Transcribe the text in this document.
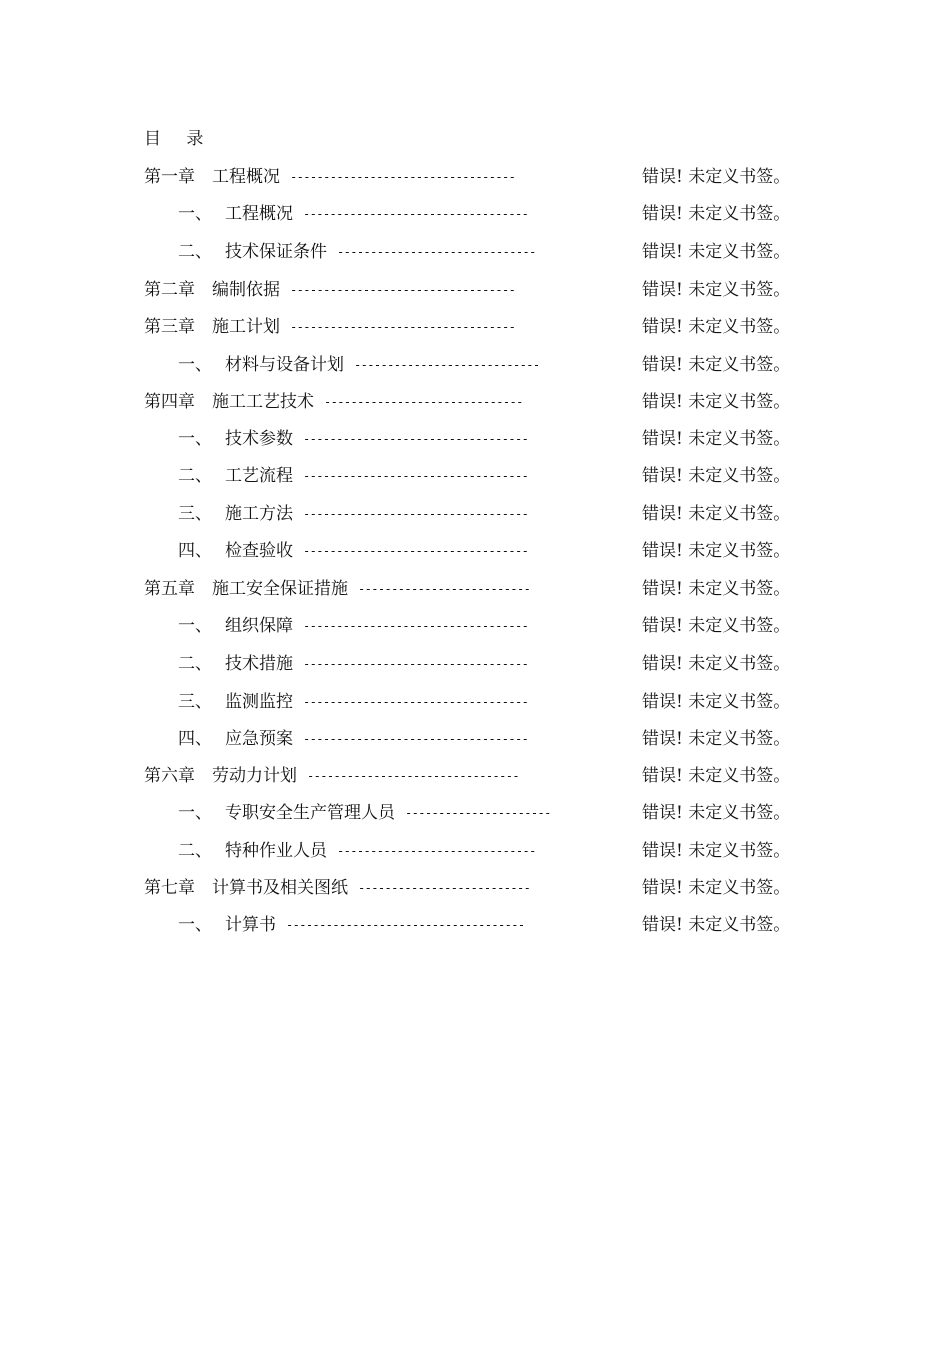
目 录
第一章 工程概况 ----------------------------------	错误! 未定义书签。
一、 工程概况 ----------------------------------	错误! 未定义书签。
二、 技术保证条件 ------------------------------	错误! 未定义书签。
第二章 编制依据 ----------------------------------	错误! 未定义书签。
第三章 施工计划 ----------------------------------	错误! 未定义书签。
一、 材料与设备计划 ----------------------------	错误! 未定义书签。
第四章 施工工艺技术 ------------------------------	错误! 未定义书签。
一、 技术参数 ----------------------------------	错误! 未定义书签。
二、 工艺流程 ----------------------------------	错误! 未定义书签。
三、 施工方法 ----------------------------------	错误! 未定义书签。
四、 检查验收 ----------------------------------	错误! 未定义书签。
第五章 施工安全保证措施 --------------------------	错误! 未定义书签。
一、 组织保障 ----------------------------------	错误! 未定义书签。
二、 技术措施 ----------------------------------	错误! 未定义书签。
三、 监测监控 ----------------------------------	错误! 未定义书签。
四、 应急预案 ----------------------------------	错误! 未定义书签。
第六章 劳动力计划 --------------------------------	错误! 未定义书签。
一、 专职安全生产管理人员 ----------------------	错误! 未定义书签。
二、 特种作业人员 ------------------------------	错误! 未定义书签。
第七章 计算书及相关图纸 --------------------------	错误! 未定义书签。
一、 计算书 ------------------------------------	错误! 未定义书签。
